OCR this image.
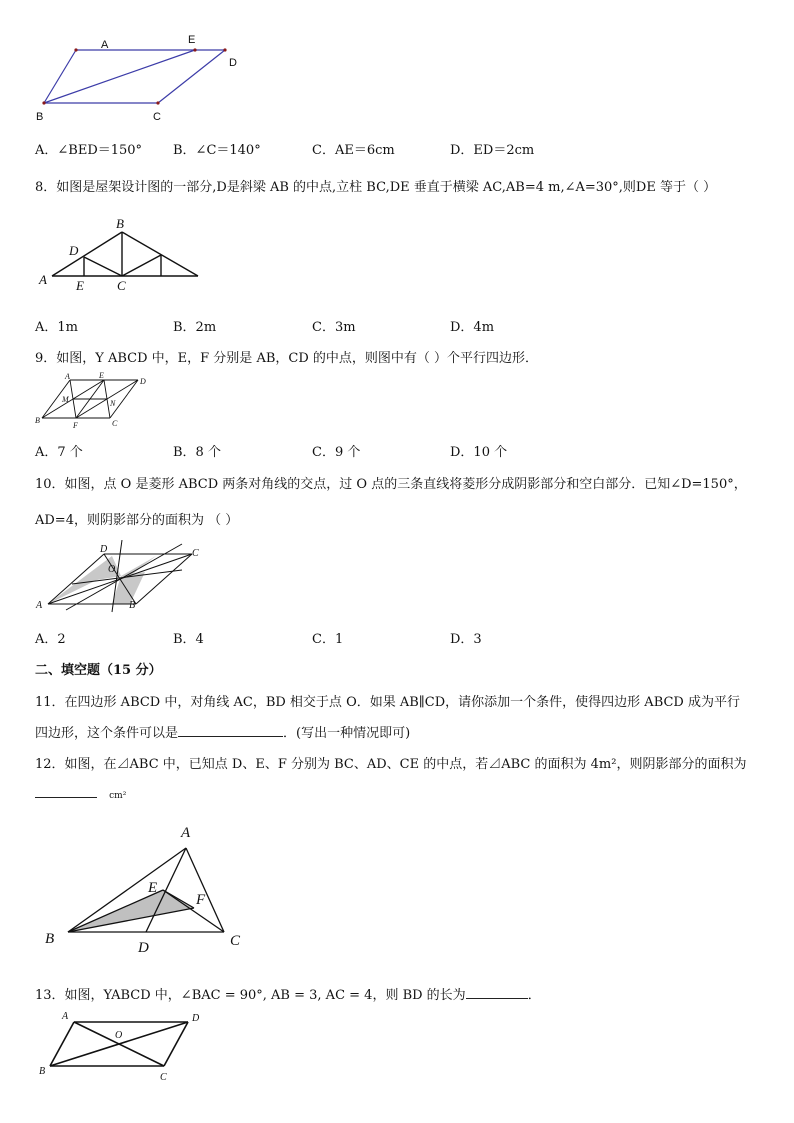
A	E
D
B	C
A．∠BED＝150° B．∠C＝140°	C．AE＝6cm	D．ED＝2cm
8．如图是屋架设计图的一部分,D是斜梁 AB 的中点,立柱 BC,DE 垂直于横梁 AC,AB=4 m,∠A=30°,则DE 等于（ ）
A
B
C
D
E
A．1m	B．2m	C．3m	D．4m
9．如图，Y ABCD 中，E，F 分别是 AB，CD 的中点，则图中有（ ）个平行四边形．
A	E
D
M	N
B
F	C
A．7 个	B．8 个	C．9 个	D．10 个
10．如图，点 O 是菱形 ABCD 两条对角线的交点，过 O 点的三条直线将菱形分成阴影部分和空白部分．已知∠D=150°，
AD=4，则阴影部分的面积为 （ ）
D	C
O
A	B
A．2	B．4	C．1	D．3
二、填空题（15 分）
11．在四边形 ABCD 中，对角线 AC，BD 相交于点 O．如果 AB∥CD，请你添加一个条件，使得四边形 ABCD 成为平行
四边形，这个条件可以是	．(写出一种情况即可)
12．如图，在⊿ABC 中，已知点 D、E、F 分别为 BC、AD、CE 的中点，若⊿ABC 的面积为 4m²，则阴影部分的面积为
cm²
A
E
F
B
D	C
13．如图，YABCD 中，∠BAC = 90°, AB = 3, AC = 4，则 BD 的长为	．
A	D
O
B
C
